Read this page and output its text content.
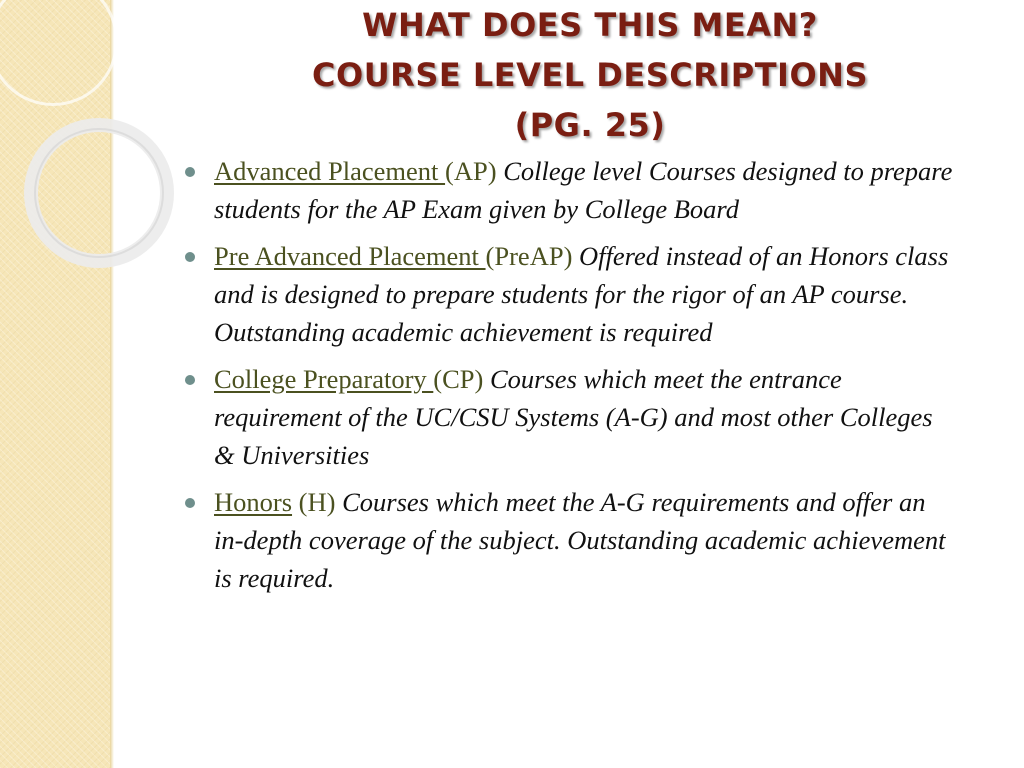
WHAT DOES THIS MEAN?
COURSE LEVEL DESCRIPTIONS
(PG. 25)
Advanced Placement (AP) College level Courses designed to prepare students for the AP Exam given by College Board
Pre Advanced Placement (PreAP) Offered instead of an Honors class and is designed to prepare students for the rigor of an AP course. Outstanding academic achievement is required
College Preparatory (CP) Courses which meet the entrance requirement of the UC/CSU Systems (A-G) and most other Colleges & Universities
Honors (H) Courses which meet the A-G requirements and offer an in-depth coverage of the subject. Outstanding academic achievement is required.
